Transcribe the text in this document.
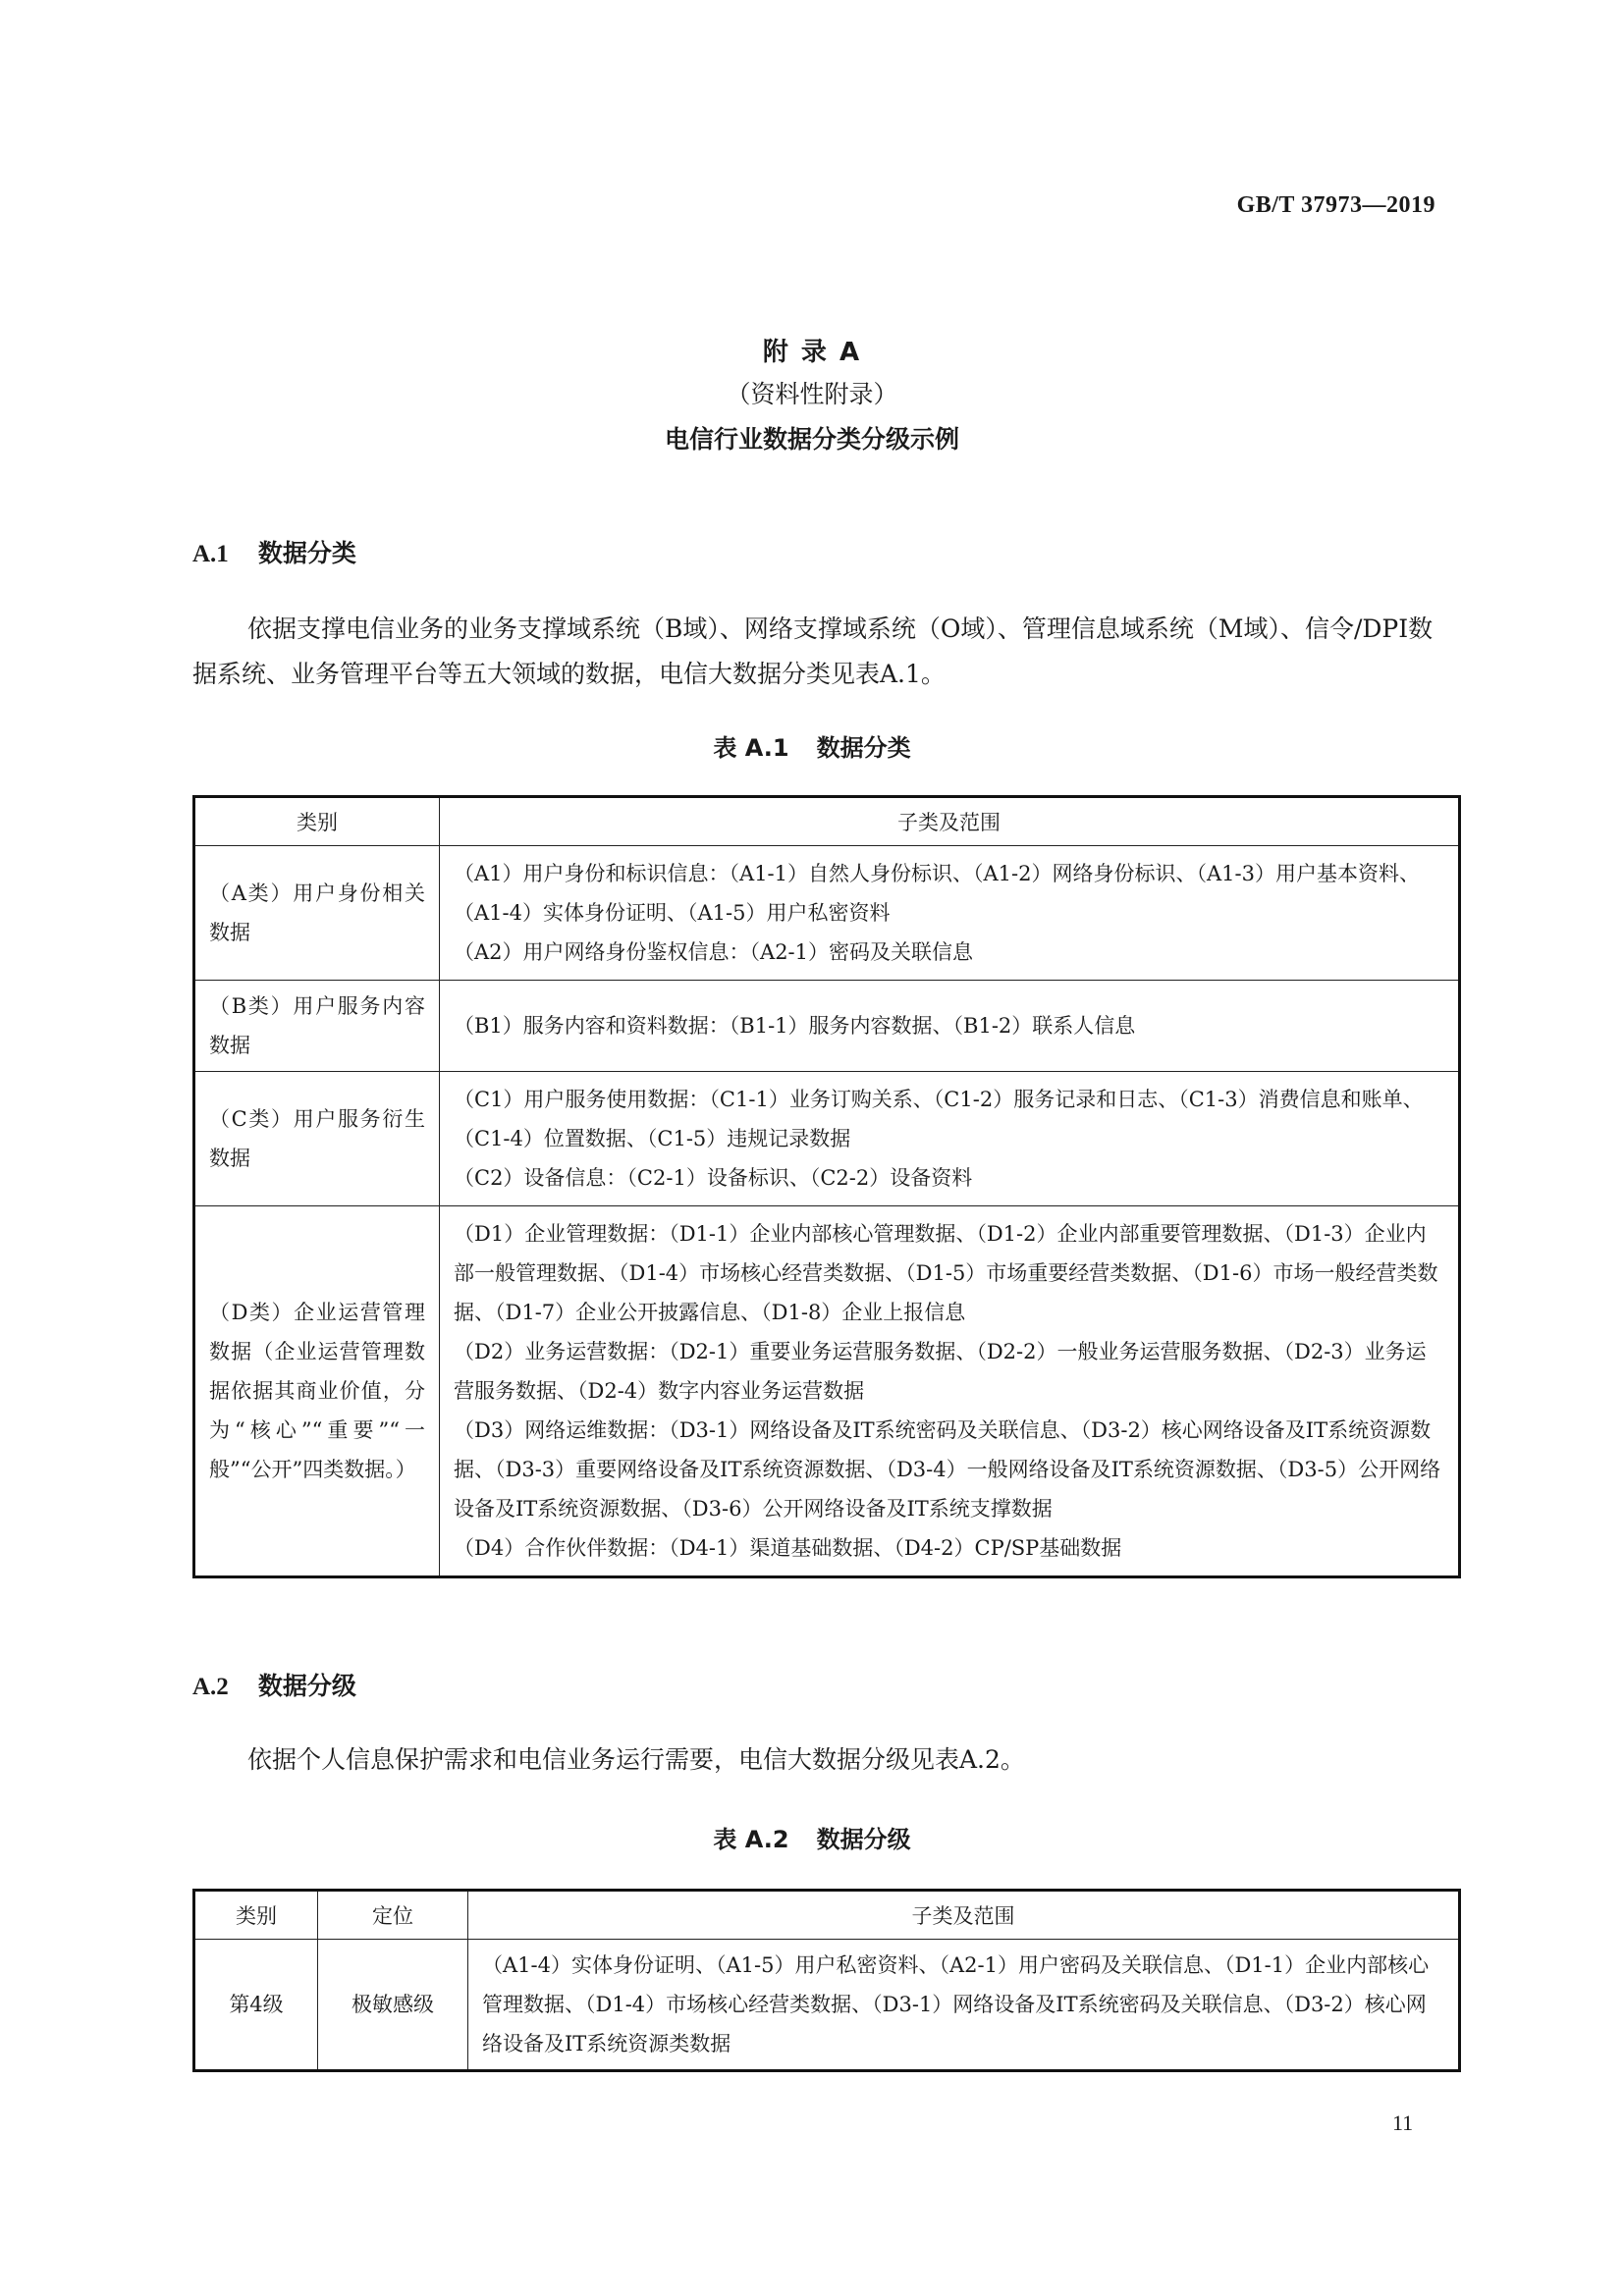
GB/T 37973—2019
附 录 A
（资料性附录）
电信行业数据分类分级示例
A.1 数据分类
依据支撑电信业务的业务支撑域系统（B域）、网络支撑域系统（O域）、管理信息域系统（M域）、信令/DPI数据系统、业务管理平台等五大领域的数据，电信大数据分类见表A.1。
表 A.1 数据分类
类别	子类及范围
（A类）用户身份相关数据	（A1）用户身份和标识信息：（A1-1）自然人身份标识、（A1-2）网络身份标识、（A1-3）用户基本资料、（A1-4）实体身份证明、（A1-5）用户私密资料
（A2）用户网络身份鉴权信息：（A2-1）密码及关联信息

（B类）用户服务内容数据	（B1）服务内容和资料数据：（B1-1）服务内容数据、（B1-2）联系人信息

（C类）用户服务衍生数据	（C1）用户服务使用数据：（C1-1）业务订购关系、（C1-2）服务记录和日志、（C1-3）消费信息和账单、（C1-4）位置数据、（C1-5）违规记录数据
（C2）设备信息：（C2-1）设备标识、（C2-2）设备资料

（D类）企业运营管理数据（企业运营管理数据依据其商业价值，分为“核心”“重要”“一般”“公开”四类数据。）	（D1）企业管理数据：（D1-1）企业内部核心管理数据、（D1-2）企业内部重要管理数据、（D1-3）企业内部一般管理数据、（D1-4）市场核心经营类数据、（D1-5）市场重要经营类数据、（D1-6）市场一般经营类数据、（D1-7）企业公开披露信息、（D1-8）企业上报信息
（D2）业务运营数据：（D2-1）重要业务运营服务数据、（D2-2）一般业务运营服务数据、（D2-3）业务运营服务数据、（D2-4）数字内容业务运营数据
（D3）网络运维数据：（D3-1）网络设备及IT系统密码及关联信息、（D3-2）核心网络设备及IT系统资源数据、（D3-3）重要网络设备及IT系统资源数据、（D3-4）一般网络设备及IT系统资源数据、（D3-5）公开网络设备及IT系统资源数据、（D3-6）公开网络设备及IT系统支撑数据
（D4）合作伙伴数据：（D4-1）渠道基础数据、（D4-2）CP/SP基础数据
A.2 数据分级
依据个人信息保护需求和电信业务运行需要，电信大数据分级见表A.2。
表 A.2 数据分级
类别	定位	子类及范围
第4级	极敏感级	（A1-4）实体身份证明、（A1-5）用户私密资料、（A2-1）用户密码及关联信息、（D1-1）企业内部核心管理数据、（D1-4）市场核心经营类数据、（D3-1）网络设备及IT系统密码及关联信息、（D3-2）核心网络设备及IT系统资源类数据
11
